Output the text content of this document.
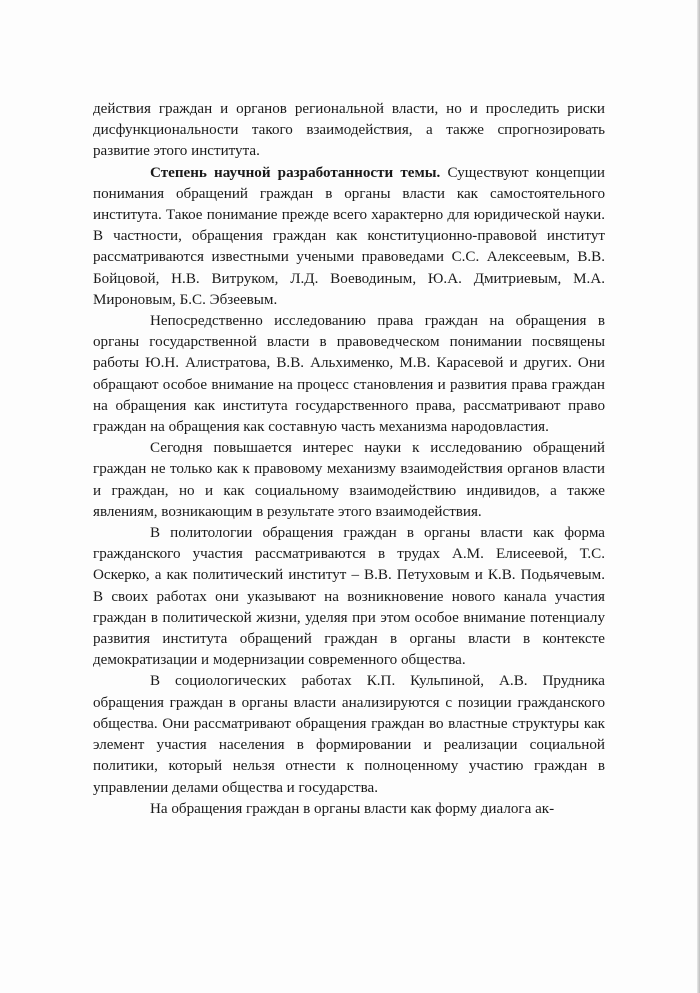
действия граждан и органов региональной власти, но и проследить риски дисфункциональности такого взаимодействия, а также спрогнозировать развитие этого института.

Степень научной разработанности темы. Существуют концепции понимания обращений граждан в органы власти как самостоятельного института. Такое понимание прежде всего характерно для юридической науки. В частности, обращения граждан как конституционно-правовой институт рассматриваются известными учеными правоведами С.С. Алексеевым, В.В. Бойцовой, Н.В. Витруком, Л.Д. Воеводиным, Ю.А. Дмитриевым, М.А. Мироновым, Б.С. Эбзеевым.

Непосредственно исследованию права граждан на обращения в органы государственной власти в правоведческом понимании посвящены работы Ю.Н. Алистратова, В.В. Альхименко, М.В. Карасевой и других. Они обращают особое внимание на процесс становления и развития права граждан на обращения как института государственного права, рассматривают право граждан на обращения как составную часть механизма народовластия.

Сегодня повышается интерес науки к исследованию обращений граждан не только как к правовому механизму взаимодействия органов власти и граждан, но и как социальному взаимодействию индивидов, а также явлениям, возникающим в результате этого взаимодействия.

В политологии обращения граждан в органы власти как форма гражданского участия рассматриваются в трудах А.М. Елисеевой, Т.С. Оскерко, а как политический институт – В.В. Петуховым и К.В. Подьячевым. В своих работах они указывают на возникновение нового канала участия граждан в политической жизни, уделяя при этом особое внимание потенциалу развития института обращений граждан в органы власти в контексте демократизации и модернизации современного общества.

В социологических работах К.П. Кульпиной, А.В. Прудника обращения граждан в органы власти анализируются с позиции гражданского общества. Они рассматривают обращения граждан во властные структуры как элемент участия населения в формировании и реализации социальной политики, который нельзя отнести к полноценному участию граждан в управлении делами общества и государства.

На обращения граждан в органы власти как форму диалога ак-
